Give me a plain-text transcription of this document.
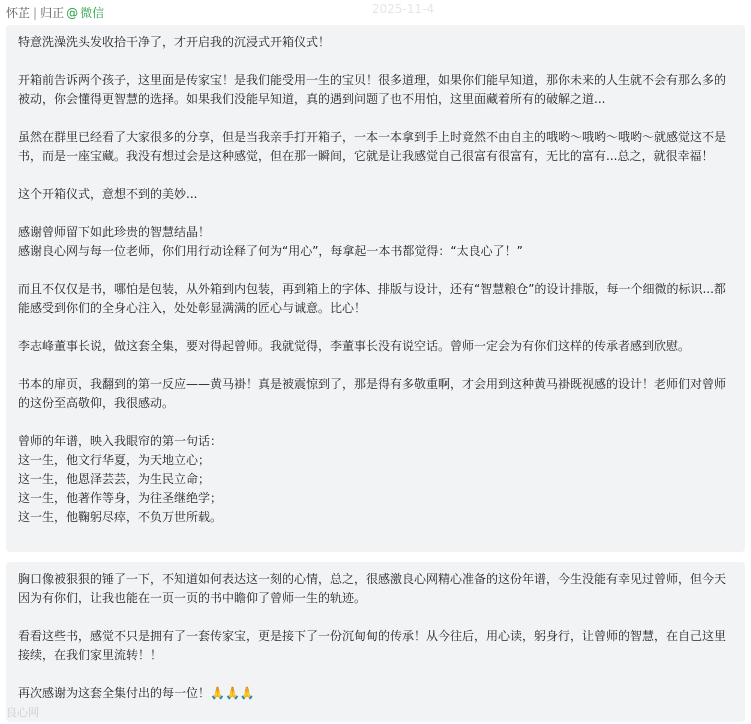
怀芷 | 归正 @ 微信	2025-11-4

特意洗澡洗头发收拾干净了，才开启我的沉浸式开箱仪式！

开箱前告诉两个孩子，这里面是传家宝！是我们能受用一生的宝贝！很多道理，如果你们能早知道，那你未来的人生就不会有那么多的被动，你会懂得更智慧的选择。如果我们没能早知道，真的遇到问题了也不用怕，这里面藏着所有的破解之道...

虽然在群里已经看了大家很多的分享，但是当我亲手打开箱子，一本一本拿到手上时竟然不由自主的哦哟～哦哟～哦哟～就感觉这不是书，而是一座宝藏。我没有想过会是这种感觉，但在那一瞬间，它就是让我感觉自己很富有很富有，无比的富有...总之，就很幸福！

这个开箱仪式，意想不到的美妙...

感谢曾师留下如此珍贵的智慧结晶！

感谢良心网与每一位老师，你们用行动诠释了何为“用心”，每拿起一本书都觉得：“太良心了！”

而且不仅仅是书，哪怕是包装，从外箱到内包装，再到箱上的字体、排版与设计，还有“智慧粮仓”的设计排版，每一个细微的标识...都能感受到你们的全身心注入，处处彰显满满的匠心与诚意。比心！

李志峰董事长说，做这套全集，要对得起曾师。我就觉得，李董事长没有说空话。曾师一定会为有你们这样的传承者感到欣慰。

书本的扉页，我翻到的第一反应——黄马褂！真是被震惊到了，那是得有多敬重啊，才会用到这种黄马褂既视感的设计！老师们对曾师的这份至高敬仰，我很感动。

曾师的年谱，映入我眼帘的第一句话：

这一生，他文行华夏，为天地立心；

这一生，他恩泽芸芸，为生民立命；

这一生，他著作等身，为往圣继绝学；

这一生，他鞠躬尽瘁，不负万世所载。

胸口像被狠狠的锤了一下，不知道如何表达这一刻的心情，总之，很感激良心网精心准备的这份年谱，今生没能有幸见过曾师，但今天因为有你们，让我也能在一页一页的书中瞻仰了曾师一生的轨迹。

看看这些书，感觉不只是拥有了一套传家宝，更是接下了一份沉甸甸的传承！从今往后，用心读，躬身行，让曾师的智慧，在自己这里接续，在我们家里流转！！

再次感谢为这套全集付出的每一位！🙏🙏🙏

良心网
